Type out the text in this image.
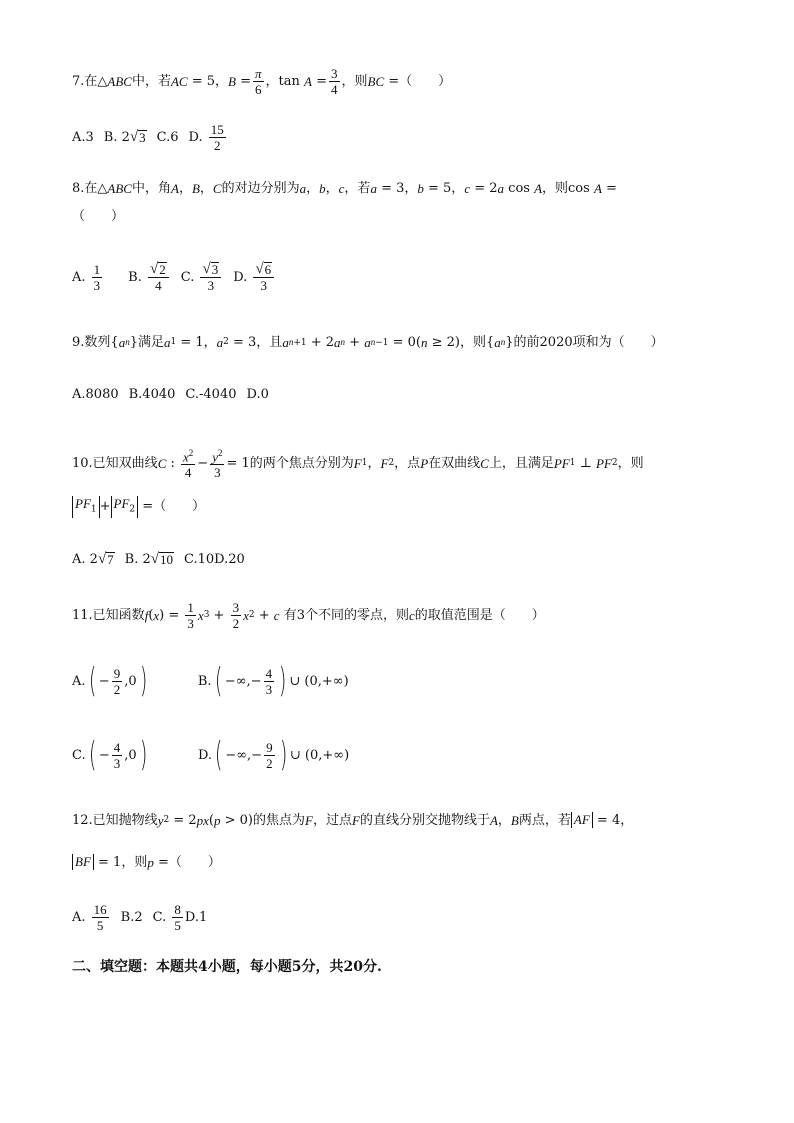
7.在△ ABC 中，若 AC = 5， $B = \frac{\pi}{6}$ ，$\tan A = \frac{3}{4}$ ，则 BC =（　　）
A.3 B. 2 √ 3 C.6 D. $\frac{15}{2}$
8.在△ ABC 中，角 A ， B ， C 的对边分别为 a ， b ， c ，若 a = 3， b = 5， c = 2 a cos A ，则cos A =
（　　）
A. $\frac{1}{3} B$. $\frac{√ 2}{4} C$. $\frac{√ 3}{3} D$. $\frac{√ 6}{3}$
9.数列{ a n }满足 a 1 = 1， a 2 = 3，且 a n+1 + 2 a n + a n−1 = 0( n ≥ 2)，则{ a n }的前2020项和为（　　）
A.8080 B.4040 C.-4040 D.0
10.已知双曲线 C : $\frac{x^2}{4} - \frac{y^2}{3} = 1$的两个焦点分别为 F 1 ， F 2 ，点 P 在双曲线 C 上，且满足 PF 1 ⊥ PF 2 ，则
$PF_1 + PF_2$ =（　　）
A. 2 √ 7 B. 2 √ 10 C.10 D.20
11.已知函数 f ( x ) = $\frac{1}{3}$ x $3 + \frac{3}{2}$ x 2 + c 有3个不同的零点，则 c 的取值范围是（　　）
A. ( − $\frac{9}{2} ,0$ )	B. ( −∞,− $\frac{4}{3}$ ) ∪ (0,+∞)
C. ( − $\frac{4}{3} ,0$ )	D. ( −∞,− $\frac{9}{2}$ ) ∪ (0,+∞)
12.已知抛物线 y 2 = 2 px ( p > 0)的焦点为 F ，过点 F 的直线分别交抛物线于 A ， B 两点，若 AF = 4，
BF = 1，则 p =（　　）
A. $\frac{16}{5} B.2$ C. $\frac{8}{5} D.1$
二、填空题：本题共4小题，每小题5分，共20分.
